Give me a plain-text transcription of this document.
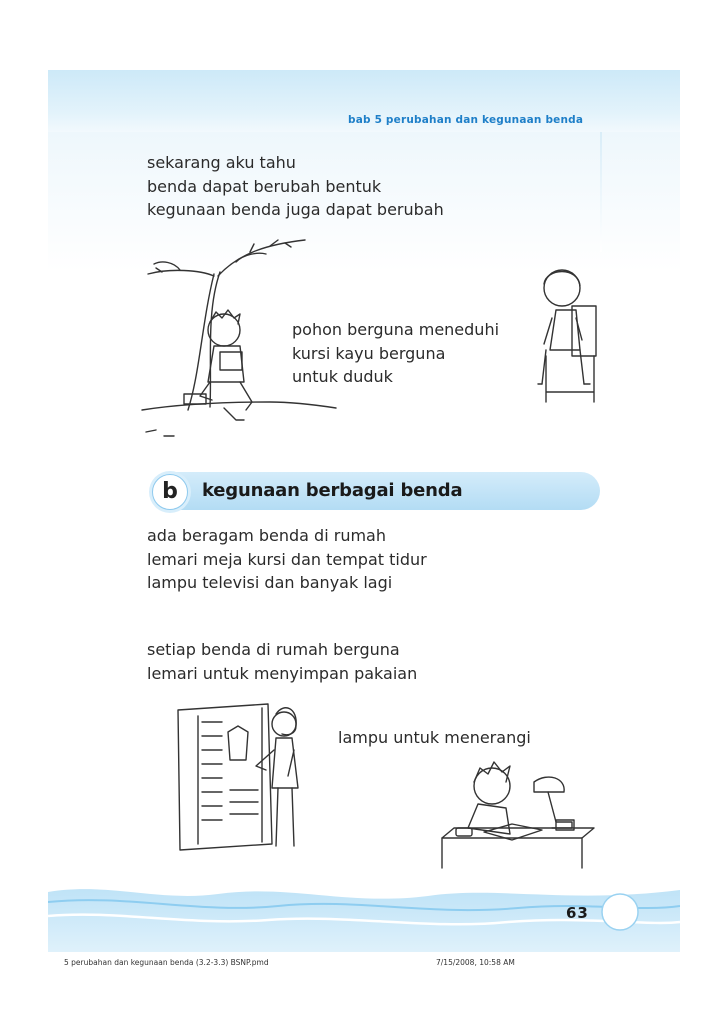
bab 5 perubahan dan kegunaan benda
sekarang aku tahu
benda dapat berubah bentuk
kegunaan benda juga dapat berubah
pohon berguna meneduhi
kursi kayu berguna
untuk duduk
b kegunaan berbagai benda
ada beragam benda di rumah
lemari meja kursi dan tempat tidur
lampu televisi dan banyak lagi
setiap benda di rumah berguna
lemari untuk menyimpan pakaian
lampu untuk menerangi
63
5 perubahan dan kegunaan benda (3.2-3.3) BSNP.pmd	7/15/2008, 10:58 AM
